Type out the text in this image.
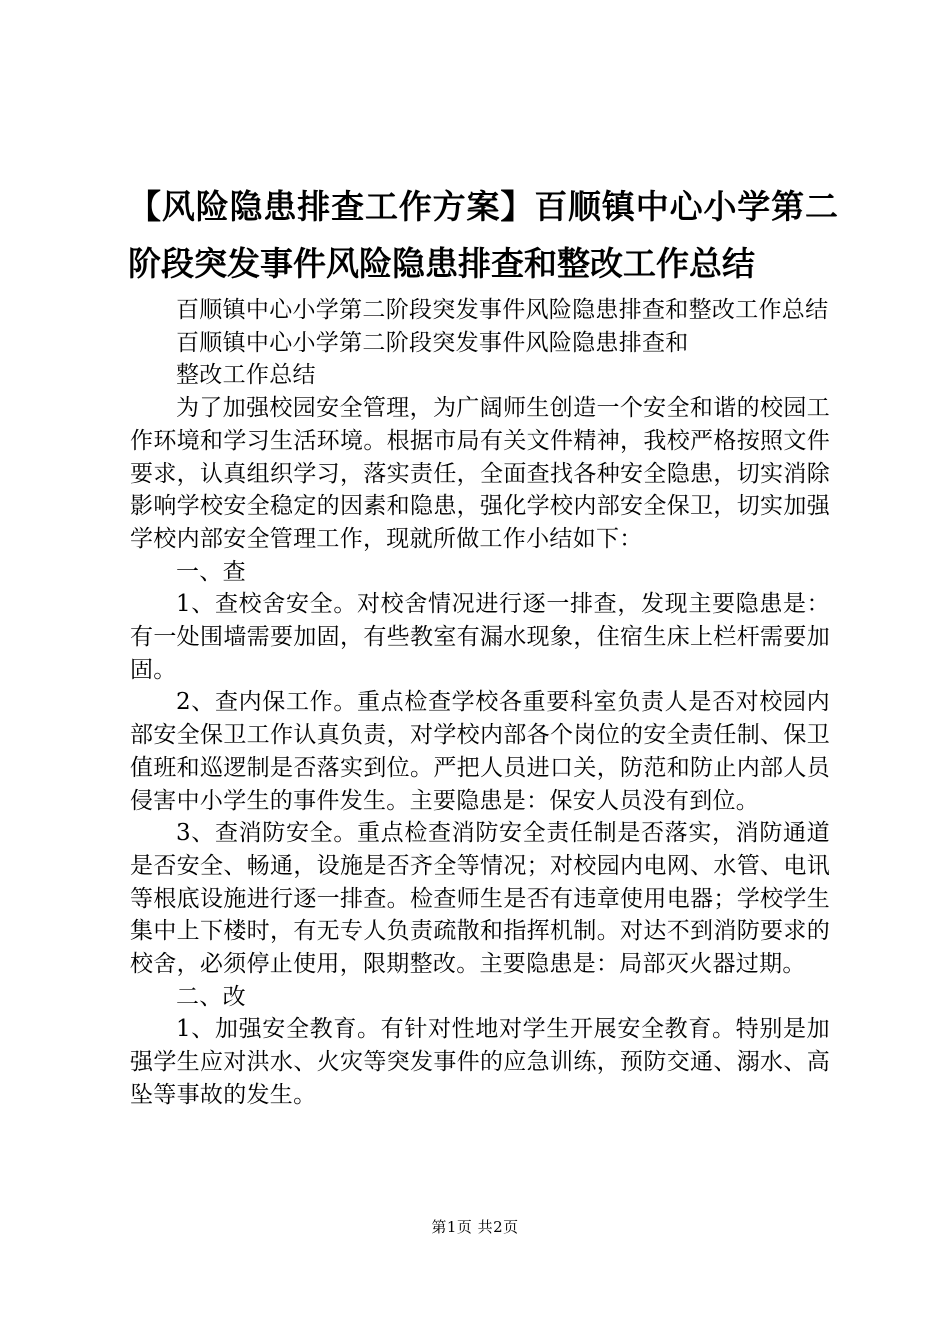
【风险隐患排查工作方案】百顺镇中心小学第二阶段突发事件风险隐患排查和整改工作总结

百顺镇中心小学第二阶段突发事件风险隐患排查和整改工作总结

百顺镇中心小学第二阶段突发事件风险隐患排查和

整改工作总结

为了加强校园安全管理，为广阔师生创造一个安全和谐的校园工作环境和学习生活环境。根据市局有关文件精神，我校严格按照文件要求，认真组织学习，落实责任，全面查找各种安全隐患，切实消除影响学校安全稳定的因素和隐患，强化学校内部安全保卫，切实加强学校内部安全管理工作，现就所做工作小结如下：

一、查

1、查校舍安全。对校舍情况进行逐一排查，发现主要隐患是：有一处围墙需要加固，有些教室有漏水现象，住宿生床上栏杆需要加固。

2、查内保工作。重点检查学校各重要科室负责人是否对校园内部安全保卫工作认真负责，对学校内部各个岗位的安全责任制、保卫值班和巡逻制是否落实到位。严把人员进口关，防范和防止内部人员侵害中小学生的事件发生。主要隐患是：保安人员没有到位。

3、查消防安全。重点检查消防安全责任制是否落实，消防通道是否安全、畅通，设施是否齐全等情况；对校园内电网、水管、电讯等根底设施进行逐一排查。检查师生是否有违章使用电器；学校学生集中上下楼时，有无专人负责疏散和指挥机制。对达不到消防要求的校舍，必须停止使用，限期整改。主要隐患是：局部灭火器过期。

二、改

1、加强安全教育。有针对性地对学生开展安全教育。特别是加强学生应对洪水、火灾等突发事件的应急训练，预防交通、溺水、高坠等事故的发生。

第1页 共2页
